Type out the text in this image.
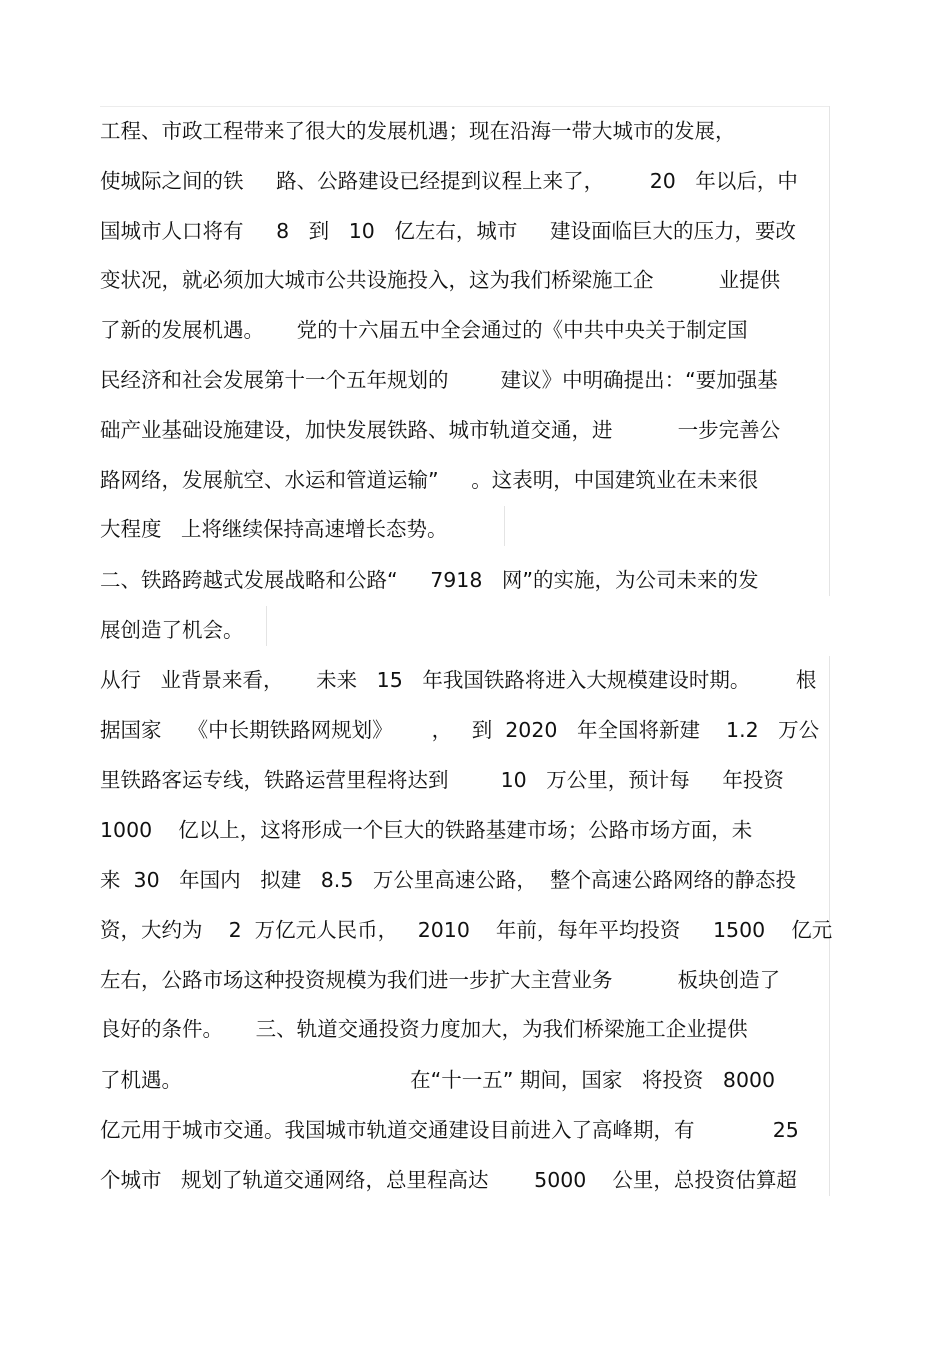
工程、市政工程带来了很大的发展机遇；现在沿海一带大城市的发展，
使城际之间的铁     路、公路建设已经提到议程上来了，       20   年以后，中
国城市人口将有     8   到   10   亿左右，城市     建设面临巨大的压力，要改
变状况，就必须加大城市公共设施投入，这为我们桥梁施工企          业提供
了新的发展机遇。     党的十六届五中全会通过的《中共中央关于制定国
民经济和社会发展第十一个五年规划的        建议》中明确提出：“要加强基
础产业基础设施建设，加快发展铁路、城市轨道交通，进          一步完善公
路网络，发展航空、水运和管道运输”     。这表明，中国建筑业在未来很
大程度   上将继续保持高速增长态势。
二、铁路跨越式发展战略和公路“     7918   网”的实施，为公司未来的发
展创造了机会。
从行   业背景来看，     未来   15   年我国铁路将进入大规模建设时期。       根
据国家    《中长期铁路网规划》      ，   到  2020   年全国将新建    1.2   万公
里铁路客运专线，铁路运营里程将达到        10   万公里，预计每     年投资
1000    亿以上，这将形成一个巨大的铁路基建市场；公路市场方面，未
来  30   年国内   拟建   8.5   万公里高速公路，  整个高速公路网络的静态投
资，大约为    2  万亿元人民币，   2010    年前，每年平均投资     1500    亿元
左右，公路市场这种投资规模为我们进一步扩大主营业务          板块创造了
良好的条件。     三、轨道交通投资力度加大，为我们桥梁施工企业提供
了机遇。                                   在“十一五” 期间，国家   将投资   8000
亿元用于城市交通。我国城市轨道交通建设目前进入了高峰期，有            25
个城市   规划了轨道交通网络，总里程高达       5000    公里，总投资估算超
